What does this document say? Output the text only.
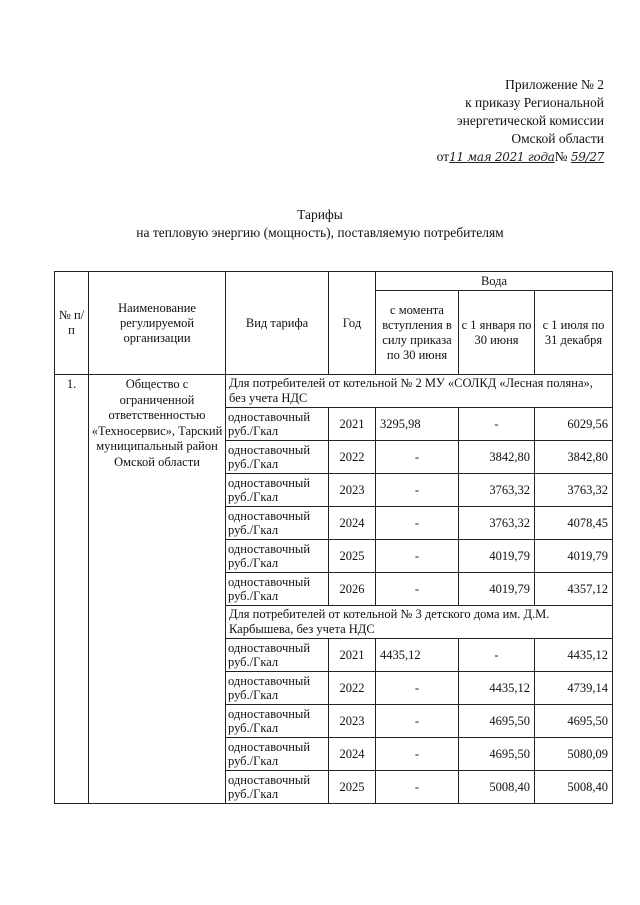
Приложение № 2
к приказу Региональной
энергетической комиссии
Омской области
от11 мая 2021 года№ 59/27
Тарифы
на тепловую энергию (мощность), поставляемую потребителям
№ п/п	Наименование регулируемой организации	Вид тарифа	Год	Вода		
				с момента вступления в силу приказа по 30 июня	с 1 января по 30 июня	с 1 июля по 31 декабря
1.	Общество с ограниченной ответственностью «Техносервис», Тарский муниципальный район Омской области	Для потребителей от котельной № 2 МУ «СОЛКД «Лесная поляна», без учета НДС				
		одноставочный руб./Гкал	2021	3295,98	-	6029,56
		одноставочный руб./Гкал	2022	-	3842,80	3842,80
		одноставочный руб./Гкал	2023	-	3763,32	3763,32
		одноставочный руб./Гкал	2024	-	3763,32	4078,45
		одноставочный руб./Гкал	2025	-	4019,79	4019,79
		одноставочный руб./Гкал	2026	-	4019,79	4357,12
		Для потребителей от котельной № 3 детского дома им. Д.М. Карбышева, без учета НДС				
		одноставочный руб./Гкал	2021	4435,12	-	4435,12
		одноставочный руб./Гкал	2022	-	4435,12	4739,14
		одноставочный руб./Гкал	2023	-	4695,50	4695,50
		одноставочный руб./Гкал	2024	-	4695,50	5080,09
		одноставочный руб./Гкал	2025	-	5008,40	5008,40
